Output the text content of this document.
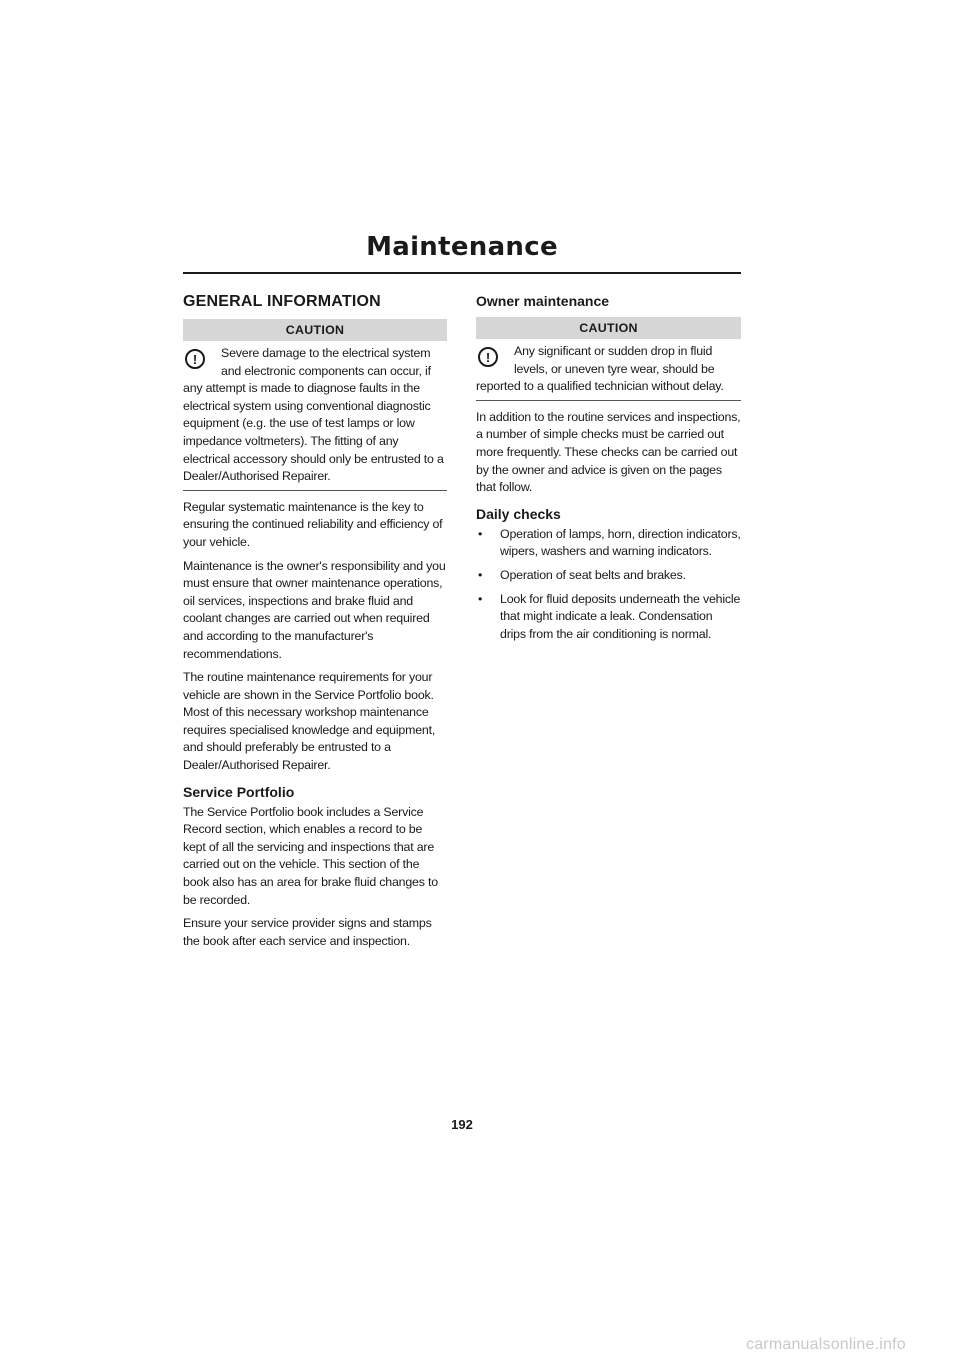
Maintenance
GENERAL INFORMATION
CAUTION
!	Severe damage to the electrical system and electronic components can occur, if any attempt is made to diagnose faults in the electrical system using conventional diagnostic equipment (e.g. the use of test lamps or low impedance voltmeters). The fitting of any electrical accessory should only be entrusted to a Dealer/Authorised Repairer.

Regular systematic maintenance is the key to ensuring the continued reliability and efficiency of your vehicle.

Maintenance is the owner's responsibility and you must ensure that owner maintenance operations, oil services, inspections and brake fluid and coolant changes are carried out when required and according to the manufacturer's recommendations.

The routine maintenance requirements for your vehicle are shown in the Service Portfolio book. Most of this necessary workshop maintenance requires specialised knowledge and equipment, and should preferably be entrusted to a Dealer/Authorised Repairer.

Service Portfolio

The Service Portfolio book includes a Service Record section, which enables a record to be kept of all the servicing and inspections that are carried out on the vehicle. This section of the book also has an area for brake fluid changes to be recorded.

Ensure your service provider signs and stamps the book after each service and inspection.

Owner maintenance
CAUTION
!	Any significant or sudden drop in fluid levels, or uneven tyre wear, should be reported to a qualified technician without delay.

In addition to the routine services and inspections, a number of simple checks must be carried out more frequently. These checks can be carried out by the owner and advice is given on the pages that follow.

Daily checks
• Operation of lamps, horn, direction indicators, wipers, washers and warning indicators.
• Operation of seat belts and brakes.
• Look for fluid deposits underneath the vehicle that might indicate a leak. Condensation drips from the air conditioning is normal.
192
carmanualsonline.info
